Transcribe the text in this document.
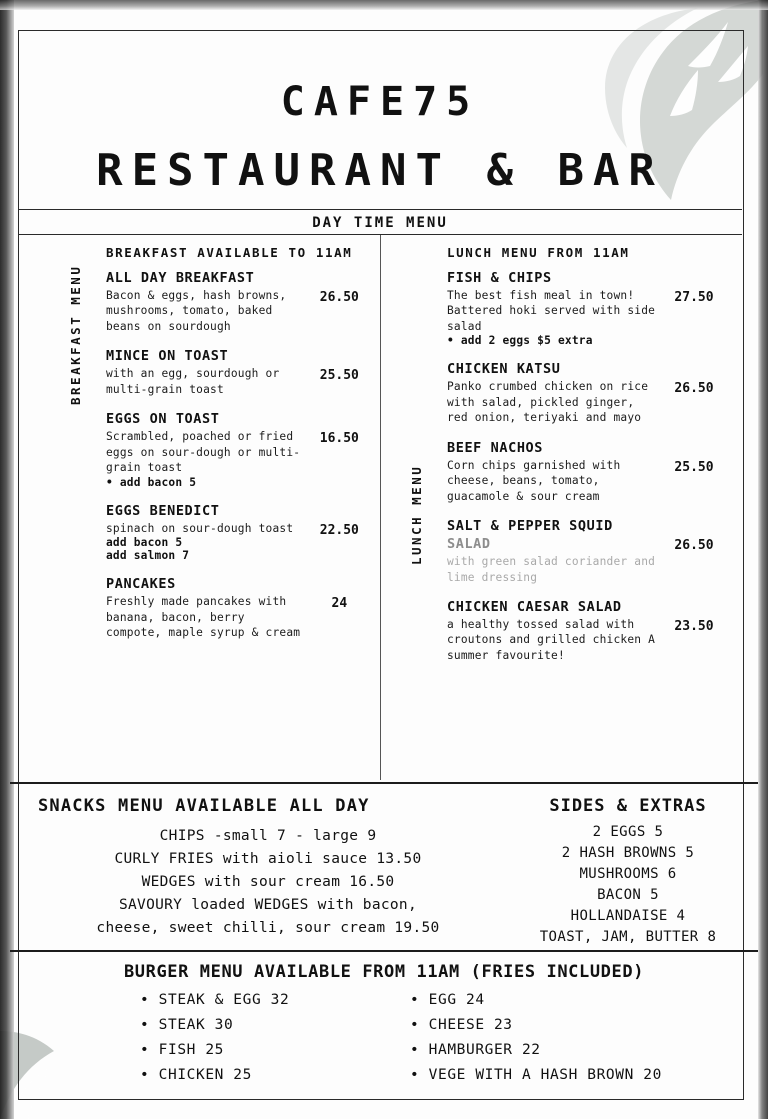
CAFE75
RESTAURANT & BAR
DAY TIME MENU
BREAKFAST AVAILABLE TO 11AM
BREAKFAST MENU ALL DAY BREAKFAST
Bacon & eggs, hash browns, mushrooms, tomato, baked beans on sourdough
26.50
MINCE ON TOAST
with an egg, sourdough or multi-grain toast
25.50
EGGS ON TOAST
Scrambled, poached or fried eggs on sour-dough or multi-grain toast
• add bacon 5
16.50
EGGS BENEDICT
spinach on sour-dough toast
add bacon 5
add salmon 7
22.50
PANCAKES
Freshly made pancakes with banana, bacon, berry compote, maple syrup & cream
24
LUNCH MENU FROM 11AM
LUNCH MENU
FISH & CHIPS
The best fish meal in town! Battered hoki served with side salad
• add 2 eggs $5 extra
27.50
CHICKEN KATSU
Panko crumbed chicken on rice with salad, pickled ginger, red onion, teriyaki and mayo
26.50
BEEF NACHOS
Corn chips garnished with cheese, beans, tomato, guacamole & sour cream
25.50
SALT & PEPPER SQUID
SALAD
with green salad coriander and lime dressing
26.50
CHICKEN CAESAR SALAD
a healthy tossed salad with croutons and grilled chicken A summer favourite!
23.50
SNACKS MENU AVAILABLE ALL DAY
CHIPS -small 7 - large 9
CURLY FRIES with aioli sauce 13.50
WEDGES with sour cream 16.50
SAVOURY loaded WEDGES with bacon,
cheese, sweet chilli, sour cream 19.50
SIDES & EXTRAS
2 EGGS 5
2 HASH BROWNS 5
MUSHROOMS 6
BACON 5
HOLLANDAISE 4
TOAST, JAM, BUTTER 8
BURGER MENU AVAILABLE FROM 11AM (FRIES INCLUDED)
• STEAK & EGG 32
• STEAK 30
• FISH 25
• CHICKEN 25
• EGG 24
• CHEESE 23
• HAMBURGER 22
• VEGE WITH A HASH BROWN 20
